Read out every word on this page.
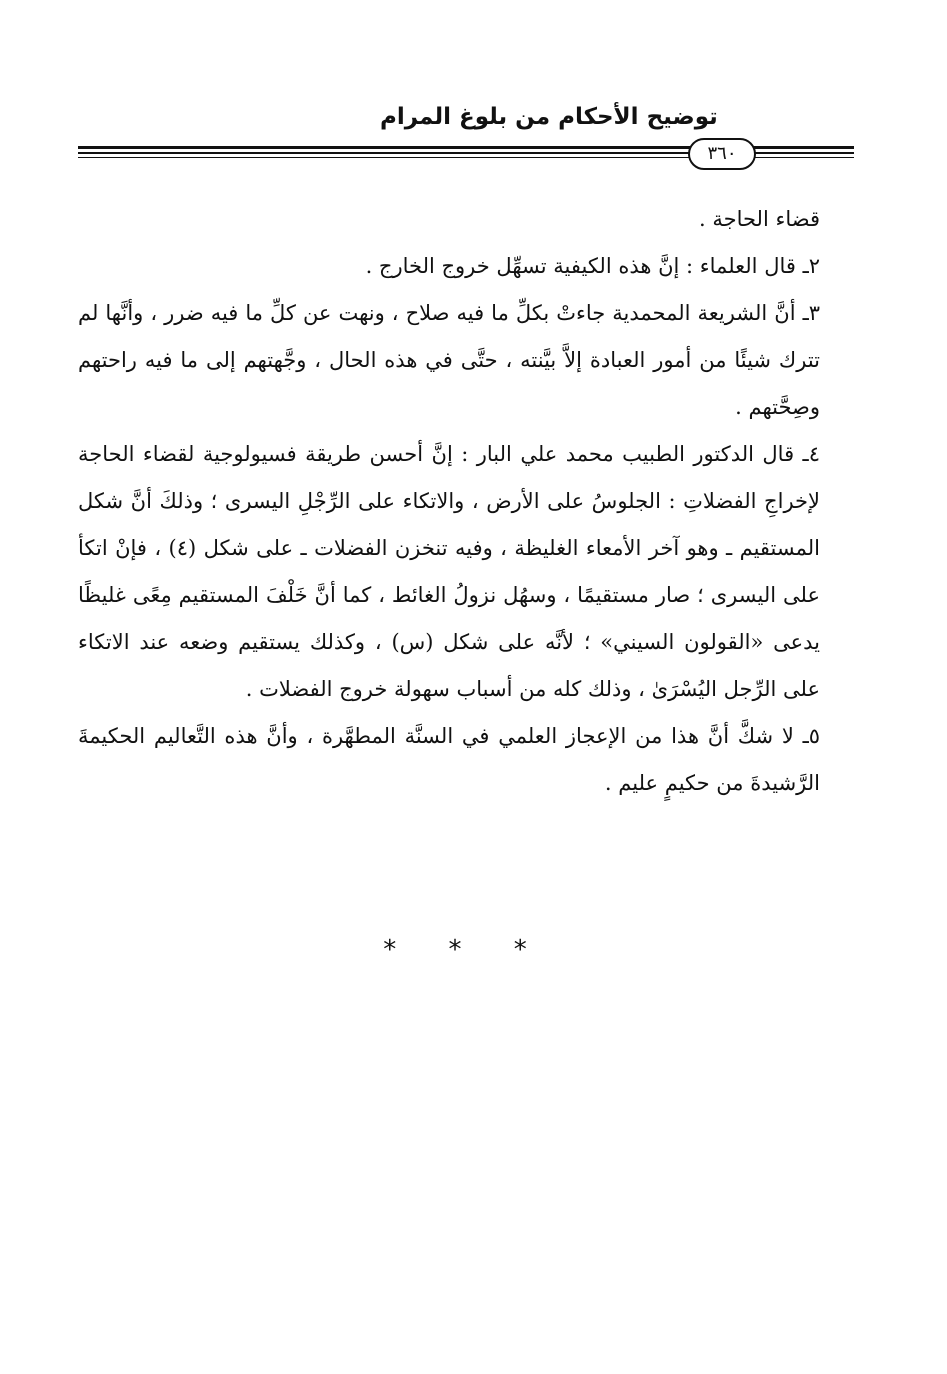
توضيح الأحكام من بلوغ المرام
٣٦٠

قضاء الحاجة .

٢ـ قال العلماء : إنَّ هذه الكيفية تسهِّل خروج الخارج .
٣ـ أنَّ الشريعة المحمدية جاءتْ بكلِّ ما فيه صلاح ، ونهت عن كلِّ ما فيه ضرر ، وأنَّها لم تترك شيئًا من أمور العبادة إلاَّ بيَّنته ، حتَّى في هذه الحال ، وجَّهتهم إلى ما فيه راحتهم وصِحَّتهم .
٤ـ قال الدكتور الطبيب محمد علي البار : إنَّ أحسن طريقة فسيولوجية لقضاء الحاجة لإخراجِ الفضلاتِ : الجلوسُ على الأرض ، والاتكاء على الرِّجْلِ اليسرى ؛ وذلكَ أنَّ شكل المستقيم ـ وهو آخر الأمعاء الغليظة ، وفيه تنخزن الفضلات ـ على شكل (٤) ، فإنْ اتكأ على اليسرى ؛ صار مستقيمًا ، وسهُل نزولُ الغائط ، كما أنَّ خَلْفَ المستقيم مِعًى غليظًا يدعى «القولون السيني» ؛ لأنَّه على شكل (س) ، وكذلك يستقيم وضعه عند الاتكاء على الرِّجل اليُسْرَىٰ ، وذلك كله من أسباب سهولة خروج الفضلات .
٥ـ لا شكَّ أنَّ هذا من الإعجاز العلمي في السنَّة المطهَّرة ، وأنَّ هذه التَّعاليم الحكيمةَ الرَّشيدةَ من حكيمٍ عليم .
* * *
